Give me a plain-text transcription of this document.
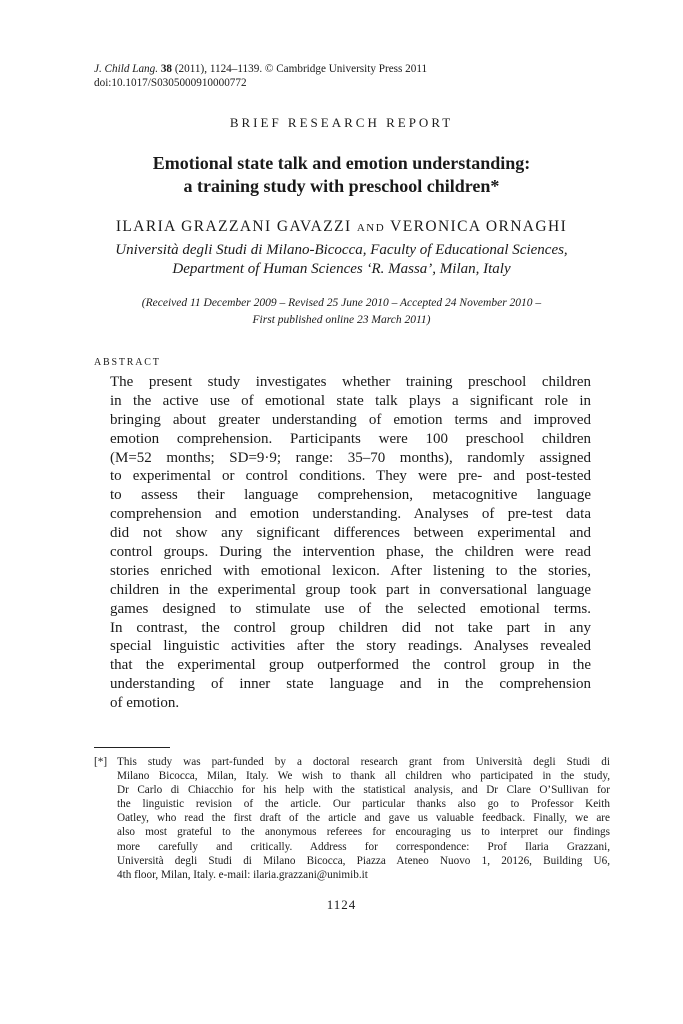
J. Child Lang. 38 (2011), 1124–1139. © Cambridge University Press 2011
doi:10.1017/S0305000910000772
BRIEF RESEARCH REPORT
Emotional state talk and emotion understanding:
a training study with preschool children*
ILARIA GRAZZANI GAVAZZI AND VERONICA ORNAGHI
Università degli Studi di Milano-Bicocca, Faculty of Educational Sciences,
Department of Human Sciences ‘R. Massa’, Milan, Italy
(Received 11 December 2009 – Revised 25 June 2010 – Accepted 24 November 2010 –
First published online 23 March 2011)
ABSTRACT
The present study investigates whether training preschool children
in the active use of emotional state talk plays a significant role in
bringing about greater understanding of emotion terms and improved
emotion comprehension. Participants were 100 preschool children
(M=52 months; SD=9·9; range: 35–70 months), randomly assigned
to experimental or control conditions. They were pre- and post-tested
to assess their language comprehension, metacognitive language
comprehension and emotion understanding. Analyses of pre-test data
did not show any significant differences between experimental and
control groups. During the intervention phase, the children were read
stories enriched with emotional lexicon. After listening to the stories,
children in the experimental group took part in conversational language
games designed to stimulate use of the selected emotional terms.
In contrast, the control group children did not take part in any
special linguistic activities after the story readings. Analyses revealed
that the experimental group outperformed the control group in the
understanding of inner state language and in the comprehension
of emotion.
[*] This study was part-funded by a doctoral research grant from Università degli Studi di
Milano Bicocca, Milan, Italy. We wish to thank all children who participated in the study,
Dr Carlo di Chiacchio for his help with the statistical analysis, and Dr Clare O’Sullivan for
the linguistic revision of the article. Our particular thanks also go to Professor Keith
Oatley, who read the first draft of the article and gave us valuable feedback. Finally, we are
also most grateful to the anonymous referees for encouraging us to interpret our findings
more carefully and critically. Address for correspondence: Prof Ilaria Grazzani,
Università degli Studi di Milano Bicocca, Piazza Ateneo Nuovo 1, 20126, Building U6,
4th floor, Milan, Italy. e-mail: ilaria.grazzani@unimib.it
1124
